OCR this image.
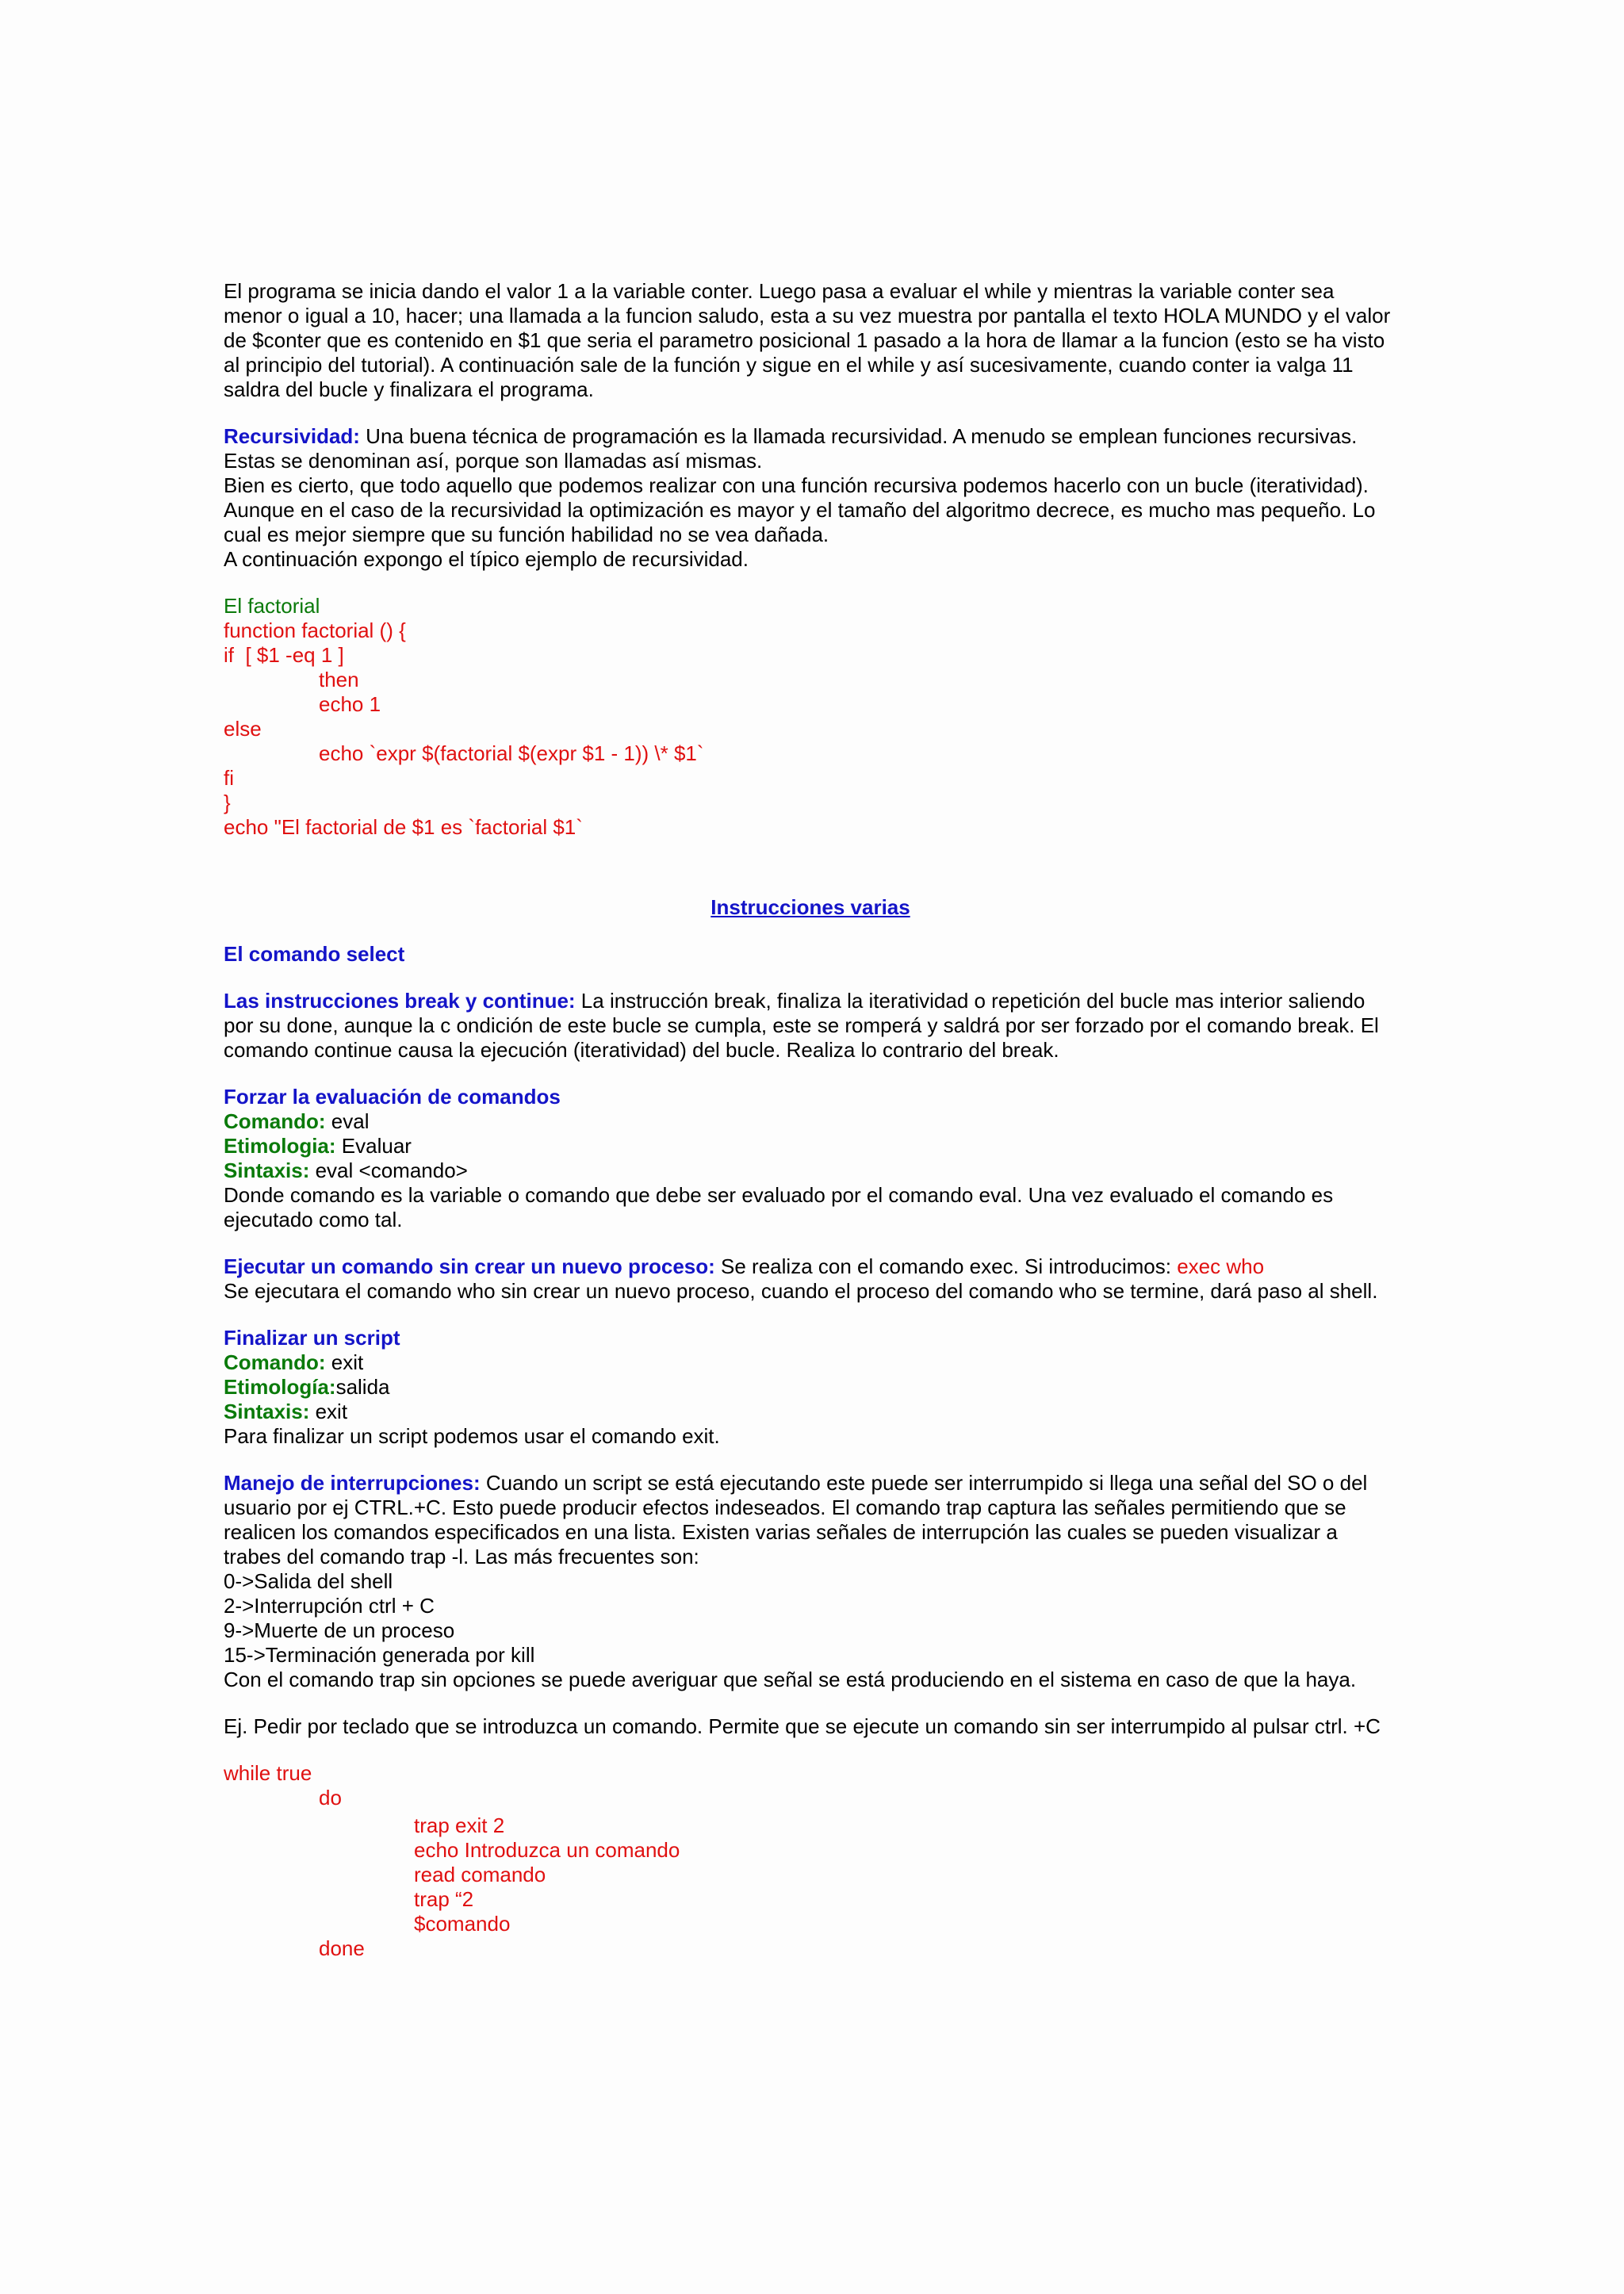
El programa se inicia dando el valor 1 a la variable conter. Luego pasa a evaluar el while y mientras la variable conter sea menor o igual a 10, hacer; una llamada a la funcion saludo, esta a su vez muestra por pantalla el texto HOLA MUNDO y el valor de $conter que es contenido en $1 que seria el parametro posicional 1 pasado a la hora de llamar a la funcion (esto se ha visto al principio del tutorial). A continuación sale de la función y sigue en el while y así sucesivamente, cuando conter ia valga 11 saldra del bucle y finalizara el programa.

Recursividad: Una buena técnica de programación es la llamada recursividad. A menudo se emplean funciones recursivas. Estas se denominan así, porque son llamadas así mismas.

Bien es cierto, que todo aquello que podemos realizar con una función recursiva podemos hacerlo con un bucle (iteratividad). Aunque en el caso de la recursividad la optimización es mayor y el tamaño del algoritmo decrece, es mucho mas pequeño. Lo cual es mejor siempre que su función habilidad no se vea dañada.

A continuación expongo el típico ejemplo de recursividad.

El factorial

function factorial () {

if  [ $1 -eq 1 ]

then

echo 1

else

echo `expr $(factorial $(expr $1 - 1)) \* $1`

fi

}

echo "El factorial de $1 es `factorial $1`

Instrucciones varias

El comando select

Las instrucciones break y continue: La instrucción break, finaliza la iteratividad o repetición del bucle mas interior saliendo por su done, aunque la c ondición de este bucle se cumpla, este se romperá y saldrá por ser forzado por el comando break. El comando continue causa la ejecución (iteratividad) del bucle. Realiza lo contrario del break.

Forzar la evaluación de comandos

Comando: eval

Etimologia: Evaluar

Sintaxis: eval <comando>

Donde comando es la variable o comando que debe ser evaluado por el comando eval. Una vez evaluado el comando es ejecutado como tal.

Ejecutar un comando sin crear un nuevo proceso: Se realiza con el comando exec. Si introducimos: exec who

Se ejecutara el comando who sin crear un nuevo proceso, cuando el proceso del comando who se termine, dará paso al shell.

Finalizar un script

Comando: exit

Etimología:salida

Sintaxis: exit

Para finalizar un script podemos usar el comando exit.

Manejo de interrupciones: Cuando un script se está ejecutando este puede ser interrumpido si llega una señal del SO o del usuario por ej CTRL.+C. Esto puede producir efectos indeseados. El comando trap captura las señales permitiendo que se realicen los comandos especificados en una lista. Existen varias señales de interrupción las cuales se pueden visualizar a trabes del comando trap -l. Las más frecuentes son:

0->Salida del shell

2->Interrupción ctrl + C

9->Muerte de un proceso

15->Terminación generada por kill

Con el comando trap sin opciones se puede averiguar que señal se está produciendo en el sistema en caso de que la haya.

Ej. Pedir por teclado que se introduzca un comando. Permite que se ejecute un comando sin ser interrumpido al pulsar ctrl. +C

while true

do

trap exit 2

echo Introduzca un comando

read comando

trap “2

$comando

done
